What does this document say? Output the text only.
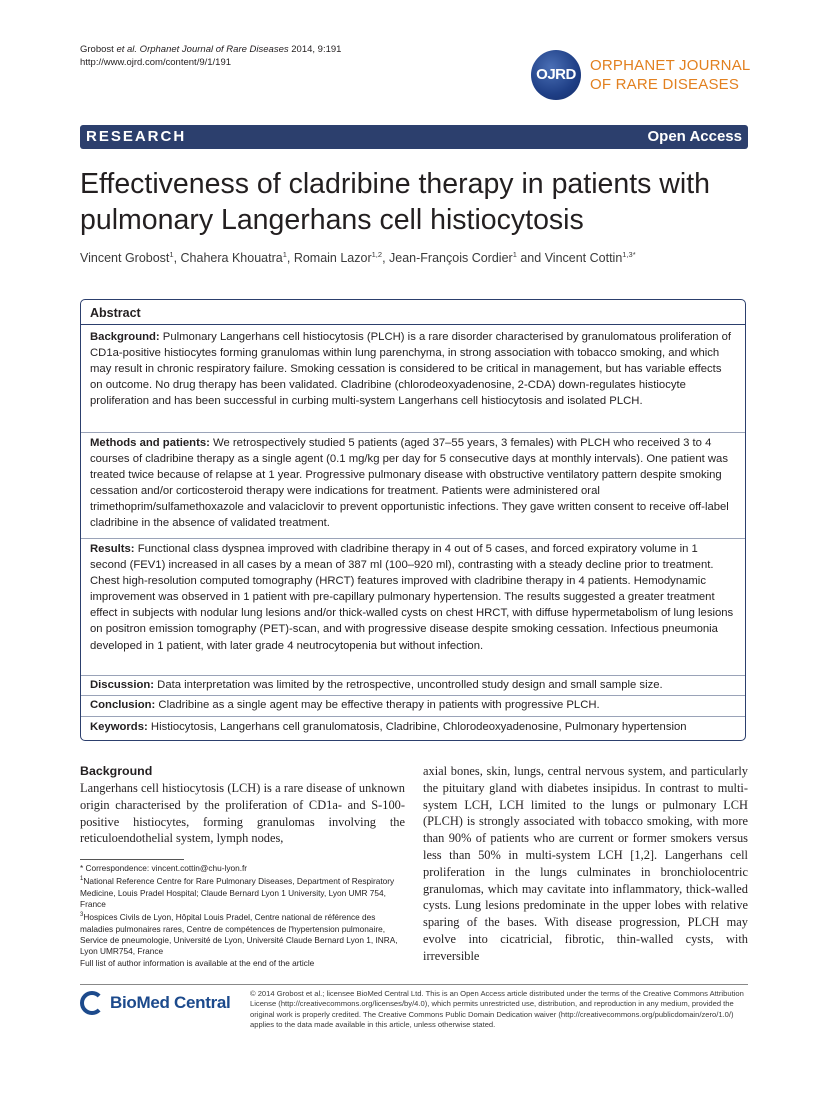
Grobost et al. Orphanet Journal of Rare Diseases 2014, 9:191
http://www.ojrd.com/content/9/1/191
OJRD
ORPHANET JOURNAL
OF RARE DISEASES
RESEARCH	Open Access
Effectiveness of cladribine therapy in patients with pulmonary Langerhans cell histiocytosis
Vincent Grobost$^1$, Chahera Khouatra$^1$, Romain Lazor$^{1,2}$, Jean-François Cordier$^1$ and Vincent Cottin$^{1,3*}$
Abstract
Background: Pulmonary Langerhans cell histiocytosis (PLCH) is a rare disorder characterised by granulomatous proliferation of CD1a-positive histiocytes forming granulomas within lung parenchyma, in strong association with tobacco smoking, and which may result in chronic respiratory failure. Smoking cessation is considered to be critical in management, but has variable effects on outcome. No drug therapy has been validated. Cladribine (chlorodeoxyadenosine, 2-CDA) down-regulates histiocyte proliferation and has been successful in curbing multi-system Langerhans cell histiocytosis and isolated PLCH.
Methods and patients: We retrospectively studied 5 patients (aged 37–55 years, 3 females) with PLCH who received 3 to 4 courses of cladribine therapy as a single agent (0.1 mg/kg per day for 5 consecutive days at monthly intervals). One patient was treated twice because of relapse at 1 year. Progressive pulmonary disease with obstructive ventilatory pattern despite smoking cessation and/or corticosteroid therapy were indications for treatment. Patients were administered oral trimethoprim/sulfamethoxazole and valaciclovir to prevent opportunistic infections. They gave written consent to receive off-label cladribine in the absence of validated treatment.
Results: Functional class dyspnea improved with cladribine therapy in 4 out of 5 cases, and forced expiratory volume in 1 second (FEV1) increased in all cases by a mean of 387 ml (100–920 ml), contrasting with a steady decline prior to treatment. Chest high-resolution computed tomography (HRCT) features improved with cladribine therapy in 4 patients. Hemodynamic improvement was observed in 1 patient with pre-capillary pulmonary hypertension. The results suggested a greater treatment effect in subjects with nodular lung lesions and/or thick-walled cysts on chest HRCT, with diffuse hypermetabolism of lung lesions on positron emission tomography (PET)-scan, and with progressive disease despite smoking cessation. Infectious pneumonia developed in 1 patient, with later grade 4 neutrocytopenia but without infection.
Discussion: Data interpretation was limited by the retrospective, uncontrolled study design and small sample size.
Conclusion: Cladribine as a single agent may be effective therapy in patients with progressive PLCH.
Keywords: Histiocytosis, Langerhans cell granulomatosis, Cladribine, Chlorodeoxyadenosine, Pulmonary hypertension
Background
Langerhans cell histiocytosis (LCH) is a rare disease of unknown origin characterised by the proliferation of CD1a- and S-100-positive histiocytes, forming granulomas involving the reticuloendothelial system, lymph nodes,
axial bones, skin, lungs, central nervous system, and particularly the pituitary gland with diabetes insipidus. In contrast to multi-system LCH, LCH limited to the lungs or pulmonary LCH (PLCH) is strongly associated with tobacco smoking, with more than 90% of patients who are current or former smokers versus less than 50% in multi-system LCH [1,2]. Langerhans cell proliferation in the lungs culminates in bronchiolocentric granulomas, which may cavitate into inflammatory, thick-walled cysts. Lung lesions predominate in the upper lobes with relative sparing of the bases. With disease progression, PLCH may evolve into cicatricial, fibrotic, thin-walled cysts, with irreversible

* Correspondence: vincent.cottin@chu-lyon.fr

$^1$National Reference Centre for Rare Pulmonary Diseases, Department of Respiratory Medicine, Louis Pradel Hospital; Claude Bernard Lyon 1 University, Lyon UMR 754, France

$^3$Hospices Civils de Lyon, Hôpital Louis Pradel, Centre national de référence des maladies pulmonaires rares, Centre de compétences de l'hypertension pulmonaire, Service de pneumologie, Université de Lyon, Université Claude Bernard Lyon 1, INRA, Lyon UMR754, France

Full list of author information is available at the end of the article

BioMed Central	© 2014 Grobost et al.; licensee BioMed Central Ltd. This is an Open Access article distributed under the terms of the Creative Commons Attribution License (http://creativecommons.org/licenses/by/4.0), which permits unrestricted use, distribution, and reproduction in any medium, provided the original work is properly credited. The Creative Commons Public Domain Dedication waiver (http://creativecommons.org/publicdomain/zero/1.0/) applies to the data made available in this article, unless otherwise stated.
